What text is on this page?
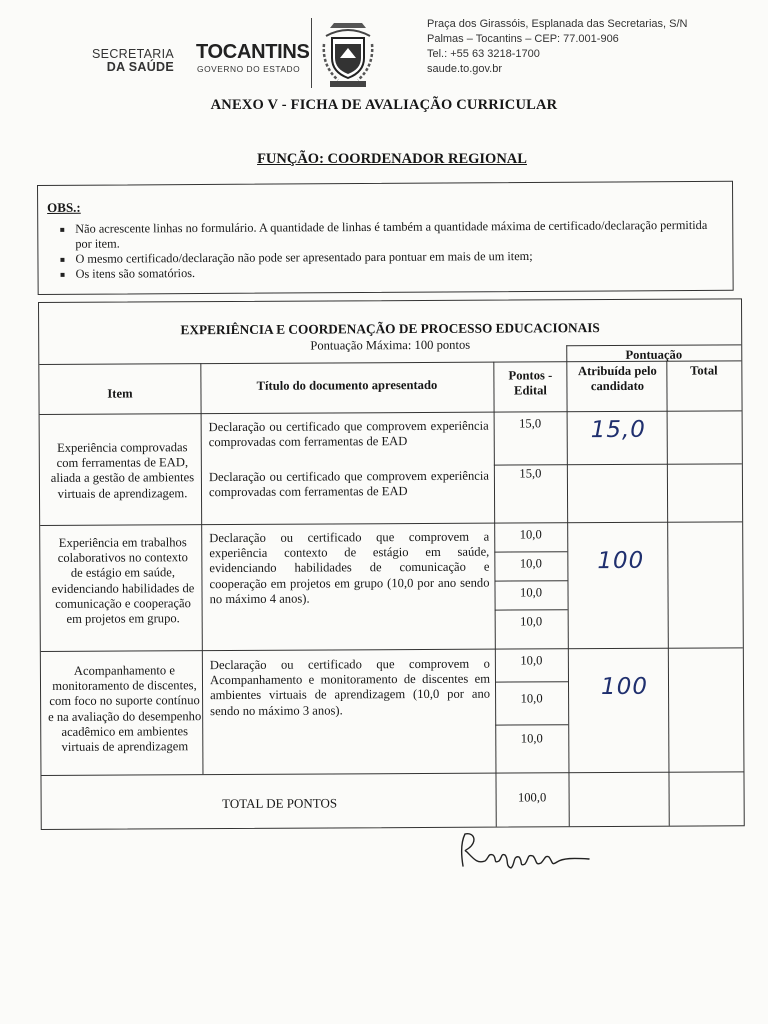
SECRETARIA
DA SAÚDE
TOCANTINS
GOVERNO DO ESTADO
Praça dos Girassóis, Esplanada das Secretarias, S/N
Palmas – Tocantins – CEP: 77.001-906
Tel.: +55 63 3218-1700
saude.to.gov.br
ANEXO V - FICHA DE AVALIAÇÃO CURRICULAR
FUNÇÃO: COORDENADOR REGIONAL
OBS.:
Não acrescente linhas no formulário. A quantidade de linhas é também a quantidade máxima de certificado/declaração permitida por item.
O mesmo certificado/declaração não pode ser apresentado para pontuar em mais de um item;
Os itens são somatórios.
EXPERIÊNCIA E COORDENAÇÃO DE PROCESSO EDUCACIONAIS
Pontuação Máxima: 100 pontos
Pontuação
Item
Título do documento apresentado
Pontos - Edital
Atribuída pelo candidato
Total
Experiência comprovadas com ferramentas de EAD, aliada a gestão de ambientes virtuais de aprendizagem.
Declaração ou certificado que comprovem experiência comprovadas com ferramentas de EAD
Declaração ou certificado que comprovem experiência comprovadas com ferramentas de EAD
15,0
15,0
15,0
Experiência em trabalhos colaborativos no contexto de estágio em saúde, evidenciando habilidades de comunicação e cooperação em projetos em grupo.
Declaração ou certificado que comprovem a experiência contexto de estágio em saúde, evidenciando habilidades de comunicação e cooperação em projetos em grupo (10,0 por ano sendo no máximo 4 anos).
10,0
10,0
10,0
10,0
100
Acompanhamento e monitoramento de discentes, com foco no suporte contínuo e na avaliação do desempenho acadêmico em ambientes virtuais de aprendizagem
Declaração ou certificado que comprovem o Acompanhamento e monitoramento de discentes em ambientes virtuais de aprendizagem (10,0 por ano sendo no máximo 3 anos).
10,0
10,0
10,0
100
TOTAL DE PONTOS	100,0
